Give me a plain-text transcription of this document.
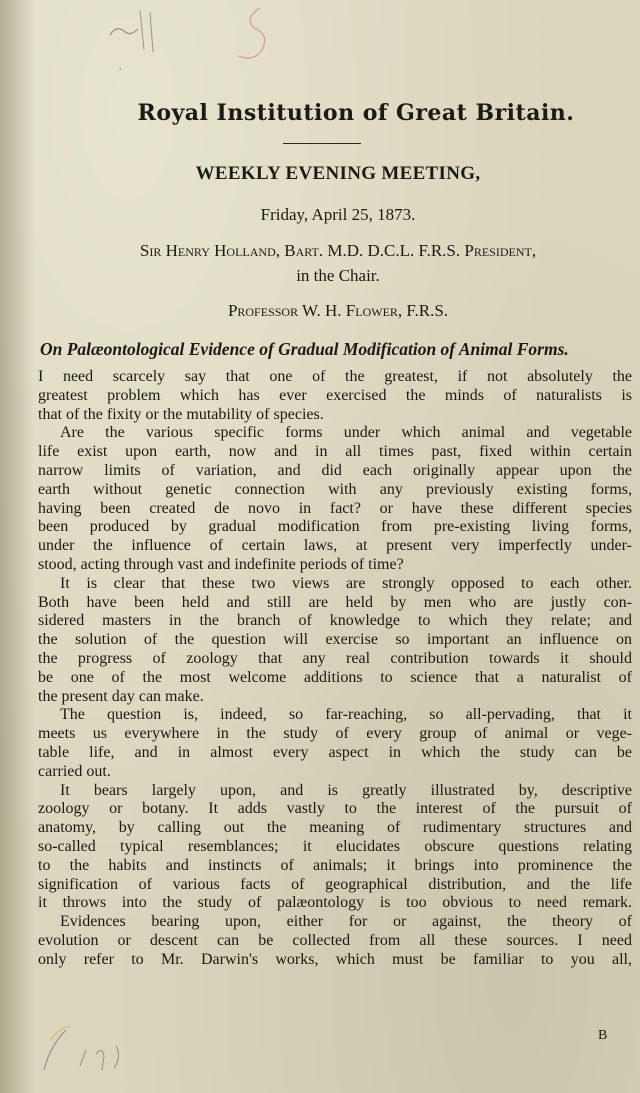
Royal Institution of Great Britain.
WEEKLY EVENING MEETING,
Friday, April 25, 1873.
Sir Henry Holland, Bart. M.D. D.C.L. F.R.S. President,
in the Chair.
Professor W. H. Flower, F.R.S.
On Palæontological Evidence of Gradual Modification of Animal Forms.
I need scarcely say that one of the greatest, if not absolutely the
greatest problem which has ever exercised the minds of naturalists is
that of the fixity or the mutability of species.
Are the various specific forms under which animal and vegetable
life exist upon earth, now and in all times past, fixed within certain
narrow limits of variation, and did each originally appear upon the
earth without genetic connection with any previously existing forms,
having been created de novo in fact? or have these different species
been produced by gradual modification from pre-existing living forms,
under the influence of certain laws, at present very imperfectly under-
stood, acting through vast and indefinite periods of time?
It is clear that these two views are strongly opposed to each other.
Both have been held and still are held by men who are justly con-
sidered masters in the branch of knowledge to which they relate; and
the solution of the question will exercise so important an influence on
the progress of zoology that any real contribution towards it should
be one of the most welcome additions to science that a naturalist of
the present day can make.
The question is, indeed, so far-reaching, so all-pervading, that it
meets us everywhere in the study of every group of animal or vege-
table life, and in almost every aspect in which the study can be
carried out.
It bears largely upon, and is greatly illustrated by, descriptive
zoology or botany. It adds vastly to the interest of the pursuit of
anatomy, by calling out the meaning of rudimentary structures and
so-called typical resemblances; it elucidates obscure questions relating
to the habits and instincts of animals; it brings into prominence the
signification of various facts of geographical distribution, and the life
it throws into the study of palæontology is too obvious to need remark.
Evidences bearing upon, either for or against, the theory of
evolution or descent can be collected from all these sources. I need
only refer to Mr. Darwin's works, which must be familiar to you all,
B
